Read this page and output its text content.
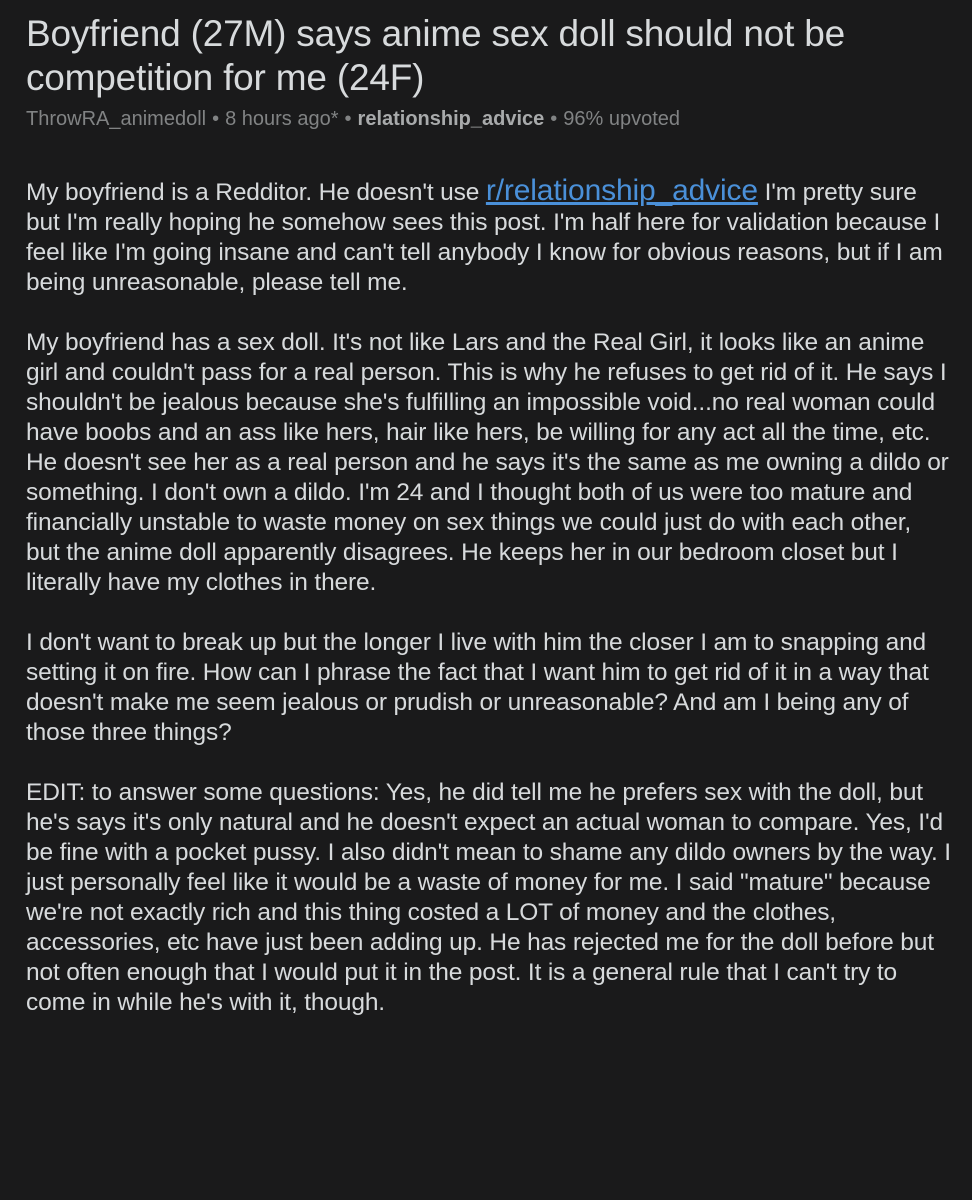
Boyfriend (27M) says anime sex doll should not be competition for me (24F)
ThrowRA_animedoll • 8 hours ago* • relationship_advice • 96% upvoted

My boyfriend is a Redditor. He doesn't use r/relationship_advice I'm pretty sure but I'm really hoping he somehow sees this post. I'm half here for validation because I feel like I'm going insane and can't tell anybody I know for obvious reasons, but if I am being unreasonable, please tell me.

My boyfriend has a sex doll. It's not like Lars and the Real Girl, it looks like an anime girl and couldn't pass for a real person. This is why he refuses to get rid of it. He says I shouldn't be jealous because she's fulfilling an impossible void...no real woman could have boobs and an ass like hers, hair like hers, be willing for any act all the time, etc. He doesn't see her as a real person and he says it's the same as me owning a dildo or something. I don't own a dildo. I'm 24 and I thought both of us were too mature and financially unstable to waste money on sex things we could just do with each other, but the anime doll apparently disagrees. He keeps her in our bedroom closet but I literally have my clothes in there.

I don't want to break up but the longer I live with him the closer I am to snapping and setting it on fire. How can I phrase the fact that I want him to get rid of it in a way that doesn't make me seem jealous or prudish or unreasonable? And am I being any of those three things?

EDIT: to answer some questions: Yes, he did tell me he prefers sex with the doll, but he's says it's only natural and he doesn't expect an actual woman to compare. Yes, I'd be fine with a pocket pussy. I also didn't mean to shame any dildo owners by the way. I just personally feel like it would be a waste of money for me. I said "mature" because we're not exactly rich and this thing costed a LOT of money and the clothes, accessories, etc have just been adding up. He has rejected me for the doll before but not often enough that I would put it in the post. It is a general rule that I can't try to come in while he's with it, though.
